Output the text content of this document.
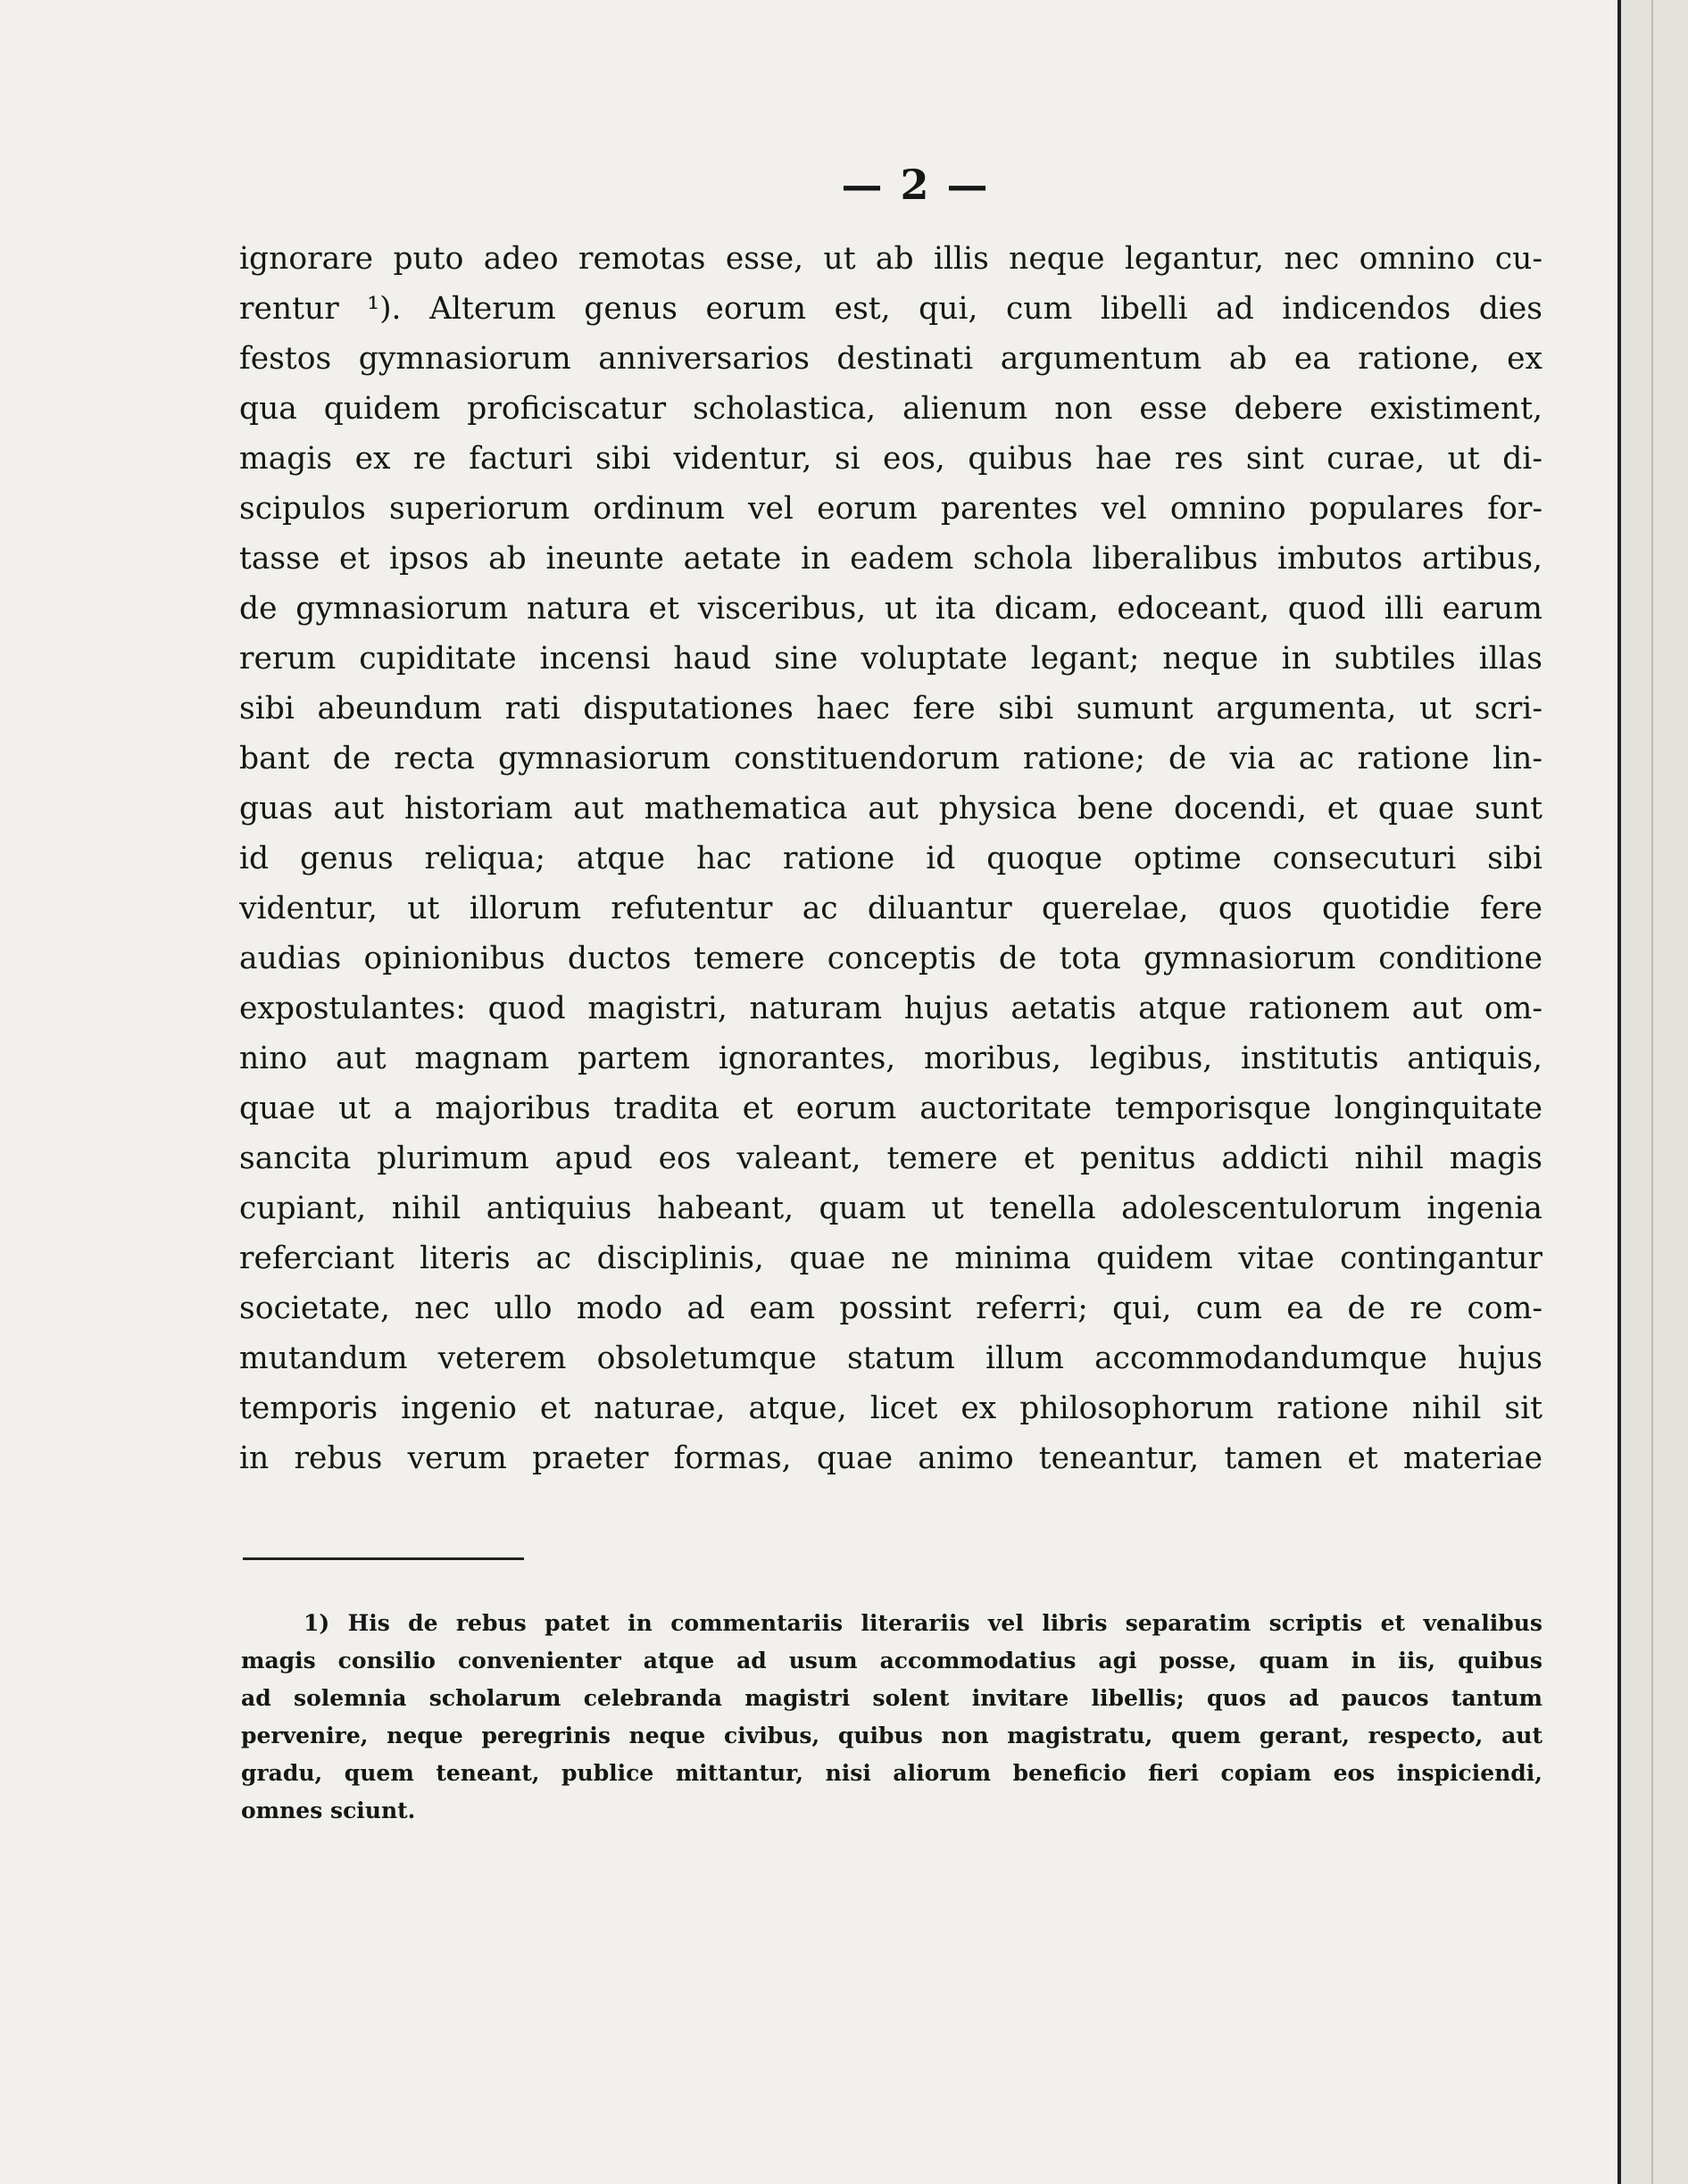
— 2 —
ignorare puto adeo remotas esse, ut ab illis neque legantur, nec omnino cu-
rentur ¹). Alterum genus eorum est, qui, cum libelli ad indicendos dies
festos gymnasiorum anniversarios destinati argumentum ab ea ratione, ex
qua quidem proficiscatur scholastica, alienum non esse debere existiment,
magis ex re facturi sibi videntur, si eos, quibus hae res sint curae, ut di-
scipulos superiorum ordinum vel eorum parentes vel omnino populares for-
tasse et ipsos ab ineunte aetate in eadem schola liberalibus imbutos artibus,
de gymnasiorum natura et visceribus, ut ita dicam, edoceant, quod illi earum
rerum cupiditate incensi haud sine voluptate legant; neque in subtiles illas
sibi abeundum rati disputationes haec fere sibi sumunt argumenta, ut scri-
bant de recta gymnasiorum constituendorum ratione; de via ac ratione lin-
guas aut historiam aut mathematica aut physica bene docendi, et quae sunt
id genus reliqua; atque hac ratione id quoque optime consecuturi sibi
videntur, ut illorum refutentur ac diluantur querelae, quos quotidie fere
audias opinionibus ductos temere conceptis de tota gymnasiorum conditione
expostulantes: quod magistri, naturam hujus aetatis atque rationem aut om-
nino aut magnam partem ignorantes, moribus, legibus, institutis antiquis,
quae ut a majoribus tradita et eorum auctoritate temporisque longinquitate
sancita plurimum apud eos valeant, temere et penitus addicti nihil magis
cupiant, nihil antiquius habeant, quam ut tenella adolescentulorum ingenia
referciant literis ac disciplinis, quae ne minima quidem vitae contingantur
societate, nec ullo modo ad eam possint referri; qui, cum ea de re com-
mutandum veterem obsoletumque statum illum accommodandumque hujus
temporis ingenio et naturae, atque, licet ex philosophorum ratione nihil sit
in rebus verum praeter formas, quae animo teneantur, tamen et materiae
1) His de rebus patet in commentariis literariis vel libris separatim scriptis et venalibus
magis consilio convenienter atque ad usum accommodatius agi posse, quam in iis, quibus
ad solemnia scholarum celebranda magistri solent invitare libellis; quos ad paucos tantum
pervenire, neque peregrinis neque civibus, quibus non magistratu, quem gerant, respecto, aut
gradu, quem teneant, publice mittantur, nisi aliorum beneficio fieri copiam eos inspiciendi,
omnes sciunt.
